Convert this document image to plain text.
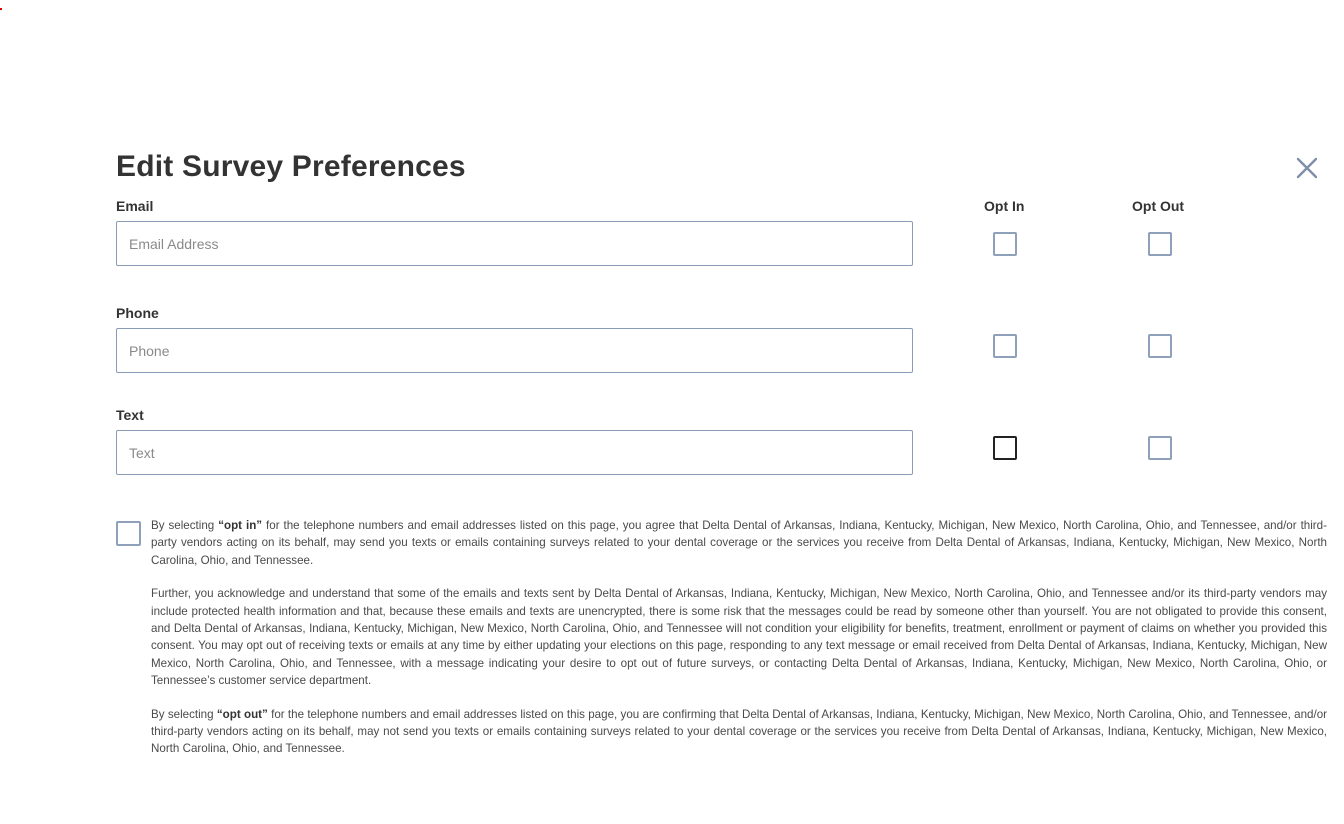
Edit Survey Preferences
Opt In	Opt Out
Email
Email Address
Phone
Phone
Text
Text

By selecting “opt in” for the telephone numbers and email addresses listed on this page, you agree that Delta Dental of Arkansas, Indiana, Kentucky, Michigan, New Mexico, North Carolina, Ohio, and Tennessee, and/or third-party vendors acting on its behalf, may send you texts or emails containing surveys related to your dental coverage or the services you receive from Delta Dental of Arkansas, Indiana, Kentucky, Michigan, New Mexico, North Carolina, Ohio, and Tennessee.

Further, you acknowledge and understand that some of the emails and texts sent by Delta Dental of Arkansas, Indiana, Kentucky, Michigan, New Mexico, North Carolina, Ohio, and Tennessee and/or its third-party vendors may include protected health information and that, because these emails and texts are unencrypted, there is some risk that the messages could be read by someone other than yourself. You are not obligated to provide this consent, and Delta Dental of Arkansas, Indiana, Kentucky, Michigan, New Mexico, North Carolina, Ohio, and Tennessee will not condition your eligibility for benefits, treatment, enrollment or payment of claims on whether you provided this consent. You may opt out of receiving texts or emails at any time by either updating your elections on this page, responding to any text message or email received from Delta Dental of Arkansas, Indiana, Kentucky, Michigan, New Mexico, North Carolina, Ohio, and Tennessee, with a message indicating your desire to opt out of future surveys, or contacting Delta Dental of Arkansas, Indiana, Kentucky, Michigan, New Mexico, North Carolina, Ohio, or Tennessee’s customer service department.

By selecting “opt out” for the telephone numbers and email addresses listed on this page, you are confirming that Delta Dental of Arkansas, Indiana, Kentucky, Michigan, New Mexico, North Carolina, Ohio, and Tennessee, and/or third-party vendors acting on its behalf, may not send you texts or emails containing surveys related to your dental coverage or the services you receive from Delta Dental of Arkansas, Indiana, Kentucky, Michigan, New Mexico, North Carolina, Ohio, and Tennessee.
